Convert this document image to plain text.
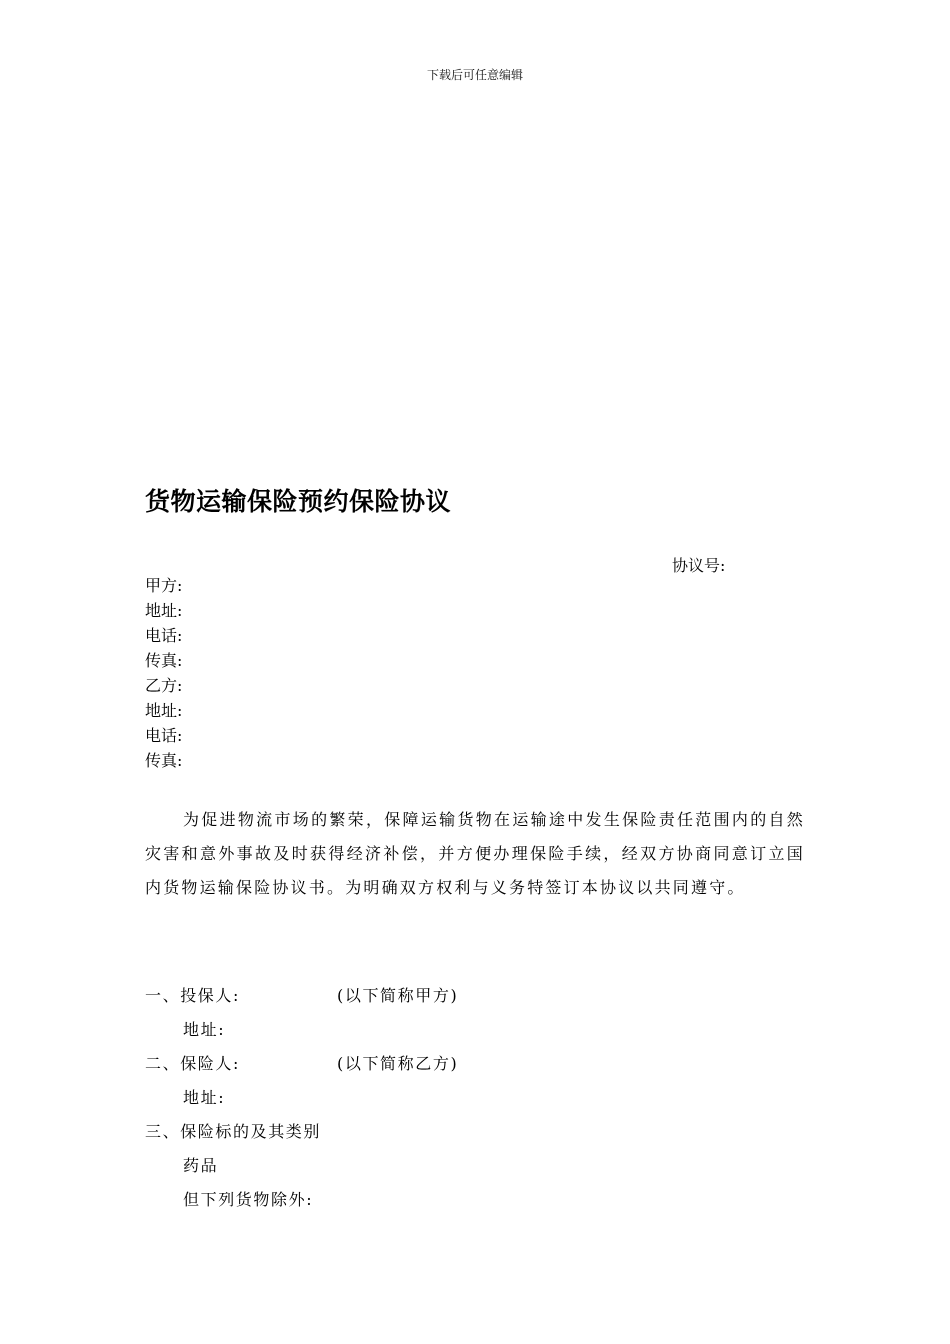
下载后可任意编辑
货物运输保险预约保险协议
协议号:
甲方:
地址:
电话:
传真:
乙方:
地址:
电话:
传真:

为促进物流市场的繁荣，保障运输货物在运输途中发生保险责任范围内的自然灾害和意外事故及时获得经济补偿，并方便办理保险手续，经双方协商同意订立国内货物运输保险协议书。为明确双方权利与义务特签订本协议以共同遵守。

一、投保人:	(以下简称甲方)
地址:
二、保险人:	(以下简称乙方)
地址:
三、保险标的及其类别
药品
但下列货物除外:
